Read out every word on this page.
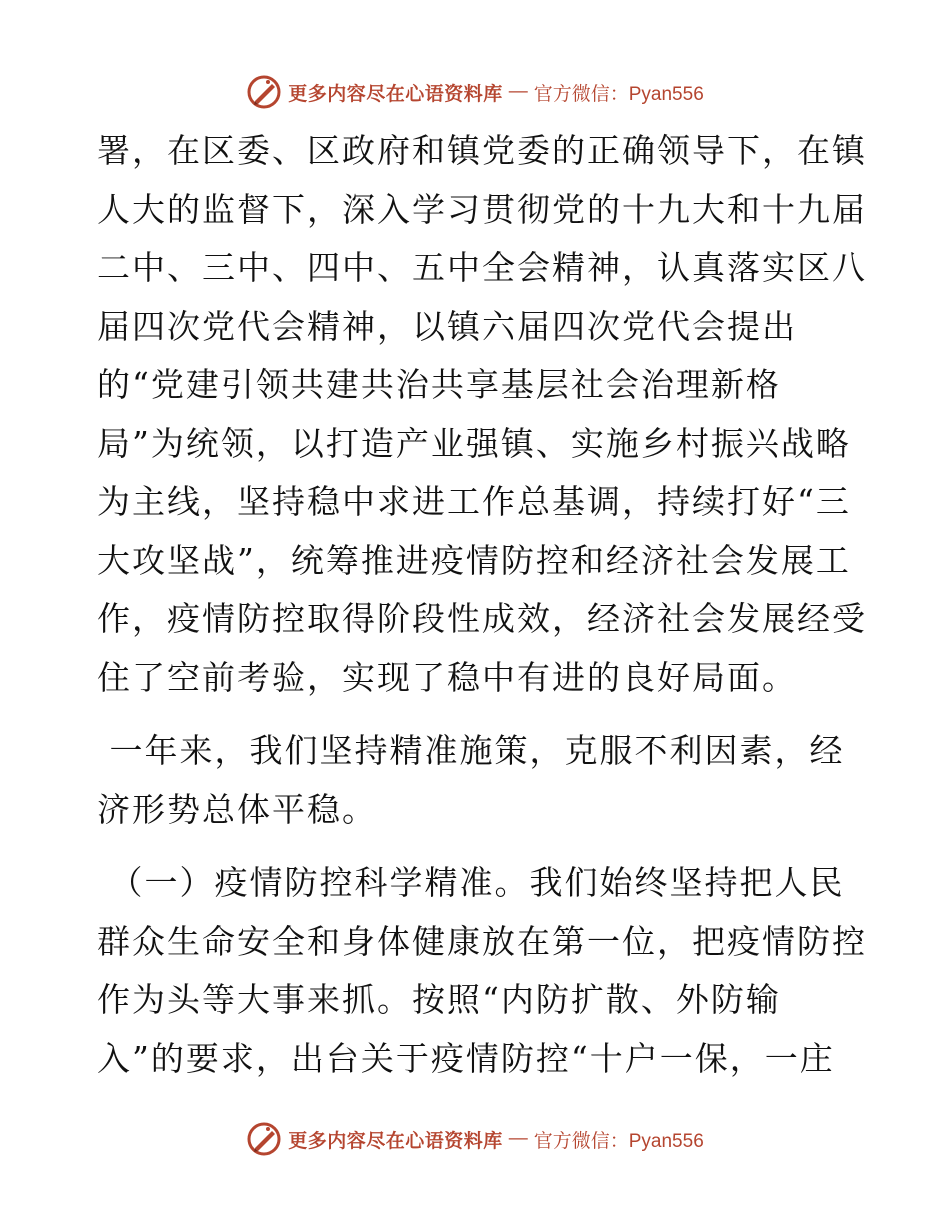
更多内容尽在心语资料库 — 官方微信：Pyan556
署，在区委、区政府和镇党委的正确领导下，在镇
人大的监督下，深入学习贯彻党的十九大和十九届
二中、三中、四中、五中全会精神，认真落实区八
届四次党代会精神，以镇六届四次党代会提出
的“党建引领共建共治共享基层社会治理新格
局”为统领，以打造产业强镇、实施乡村振兴战略
为主线，坚持稳中求进工作总基调，持续打好“三
大攻坚战”，统筹推进疫情防控和经济社会发展工
作，疫情防控取得阶段性成效，经济社会发展经受
住了空前考验，实现了稳中有进的良好局面。
一年来，我们坚持精准施策，克服不利因素，经
济形势总体平稳。
（一）疫情防控科学精准。我们始终坚持把人民
群众生命安全和身体健康放在第一位，把疫情防控
作为头等大事来抓。按照“内防扩散、外防输
入”的要求，出台关于疫情防控“十户一保，一庄
更多内容尽在心语资料库 — 官方微信：Pyan556
